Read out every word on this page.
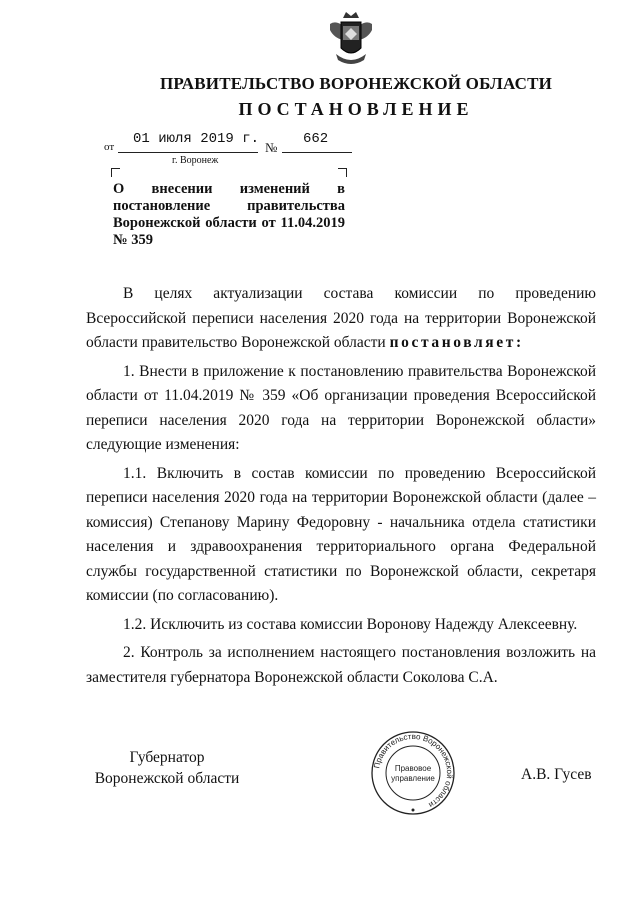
ПРАВИТЕЛЬСТВО ВОРОНЕЖСКОЙ ОБЛАСТИ
ПОСТАНОВЛЕНИЕ
от 01 июля 2019 г.
№
662
г. Воронеж
О внесении изменений в постановление правительства Воронежской области от 11.04.2019 № 359

В целях актуализации состава комиссии по проведению Всероссийской переписи населения 2020 года на территории Воронежской области правительство Воронежской области постановляет:

1. Внести в приложение к постановлению правительства Воронежской области от 11.04.2019 № 359 «Об организации проведения Всероссийской переписи населения 2020 года на территории Воронежской области» следующие изменения:

1.1. Включить в состав комиссии по проведению Всероссийской переписи населения 2020 года на территории Воронежской области (далее – комиссия) Степанову Марину Федоровну - начальника отдела статистики населения и здравоохранения территориального органа Федеральной службы государственной статистики по Воронежской области, секретаря комиссии (по согласованию).

1.2. Исключить из состава комиссии Воронову Надежду Алексеевну.

2. Контроль за исполнением настоящего постановления возложить на заместителя губернатора Воронежской области Соколова С.А.

Губернатор
Воронежской области
Правительство Воронежской области
Правовое
управление	А.В. Гусев
